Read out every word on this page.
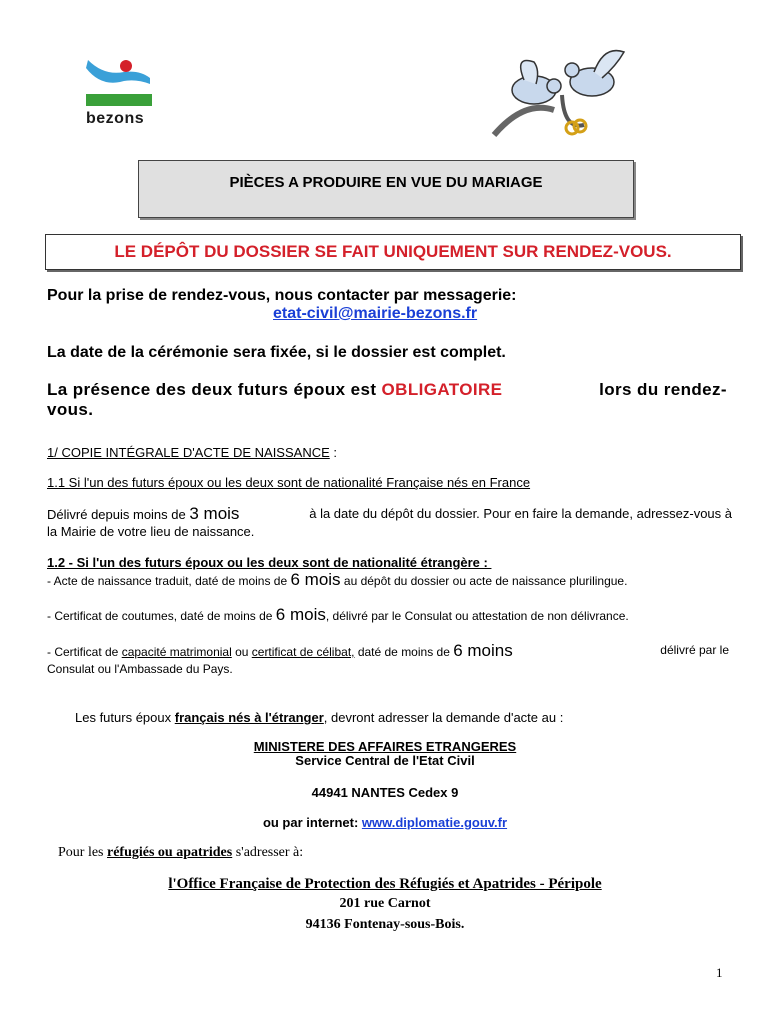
bezons
PIÈCES A PRODUIRE EN VUE DU MARIAGE
LE DÉPÔT DU DOSSIER SE FAIT UNIQUEMENT SUR RENDEZ-VOUS.
Pour la prise de rendez-vous, nous contacter par messagerie:
etat-civil@mairie-bezons.fr
La date de la cérémonie sera fixée, si le dossier est complet.
La présence des deux futurs époux est OBLIGATOIRE	lors du rendez-
vous.
1/ COPIE INTÉGRALE D'ACTE DE NAISSANCE :
1.1 Si l'un des futurs époux ou les deux sont de nationalité Française nés en France
Délivré depuis moins de 3 mois	à la date du dépôt du dossier. Pour en faire la demande, adressez-vous à
la Mairie de votre lieu de naissance.
1.2 - Si l'un des futurs époux ou les deux sont de nationalité étrangère :
- Acte de naissance traduit, daté de moins de 6 mois au dépôt du dossier ou acte de naissance plurilingue.
- Certificat de coutumes, daté de moins de 6 mois, délivré par le Consulat ou attestation de non délivrance.
- Certificat de capacité matrimonial ou certificat de célibat, daté de moins de 6 moins	délivré par le
Consulat ou l'Ambassade du Pays.
Les futurs époux français nés à l'étranger, devront adresser la demande d'acte au :
MINISTERE DES AFFAIRES ETRANGERES
Service Central de l'Etat Civil
44941 NANTES Cedex 9
ou par internet: www.diplomatie.gouv.fr
Pour les réfugiés ou apatrides s'adresser à:
l'Office Française de Protection des Réfugiés et Apatrides - Péripole
201 rue Carnot
94136 Fontenay-sous-Bois.
1
